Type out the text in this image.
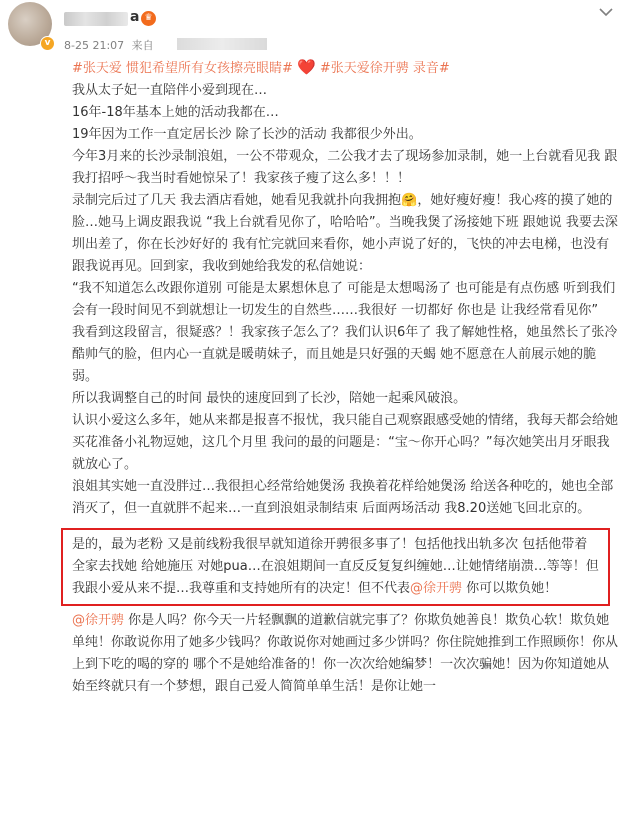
v
a ♛
8-25 21:07 来自

#张天爱 惯犯希望所有女孩擦亮眼睛# ❤️ #张天爱徐开骋 录音#

我从太子妃一直陪伴小爱到现在…

16年-18年基本上她的活动我都在…

19年因为工作一直定居长沙 除了长沙的活动 我都很少外出。

今年3月来的长沙录制浪姐，一公不带观众，二公我才去了现场参加录制，她一上台就看见我 跟我打招呼～我当时看她惊呆了！我家孩子瘦了这么多！！！

录制完后过了几天 我去酒店看她，她看见我就扑向我拥抱🤗，她好瘦好瘦！我心疼的摸了她的脸…她马上调皮跟我说 “我上台就看见你了，哈哈哈”。当晚我煲了汤接她下班 跟她说 我要去深圳出差了，你在长沙好好的 我有忙完就回来看你，她小声说了好的，飞快的冲去电梯，也没有跟我说再见。回到家，我收到她给我发的私信她说：

“我不知道怎么改跟你道别 可能是太累想休息了 可能是太想喝汤了 也可能是有点伤感 听到我们会有一段时间见不到就想让一切发生的自然些……我很好 一切都好 你也是 让我经常看见你”

我看到这段留言，很疑惑？！我家孩子怎么了？我们认识6年了 我了解她性格，她虽然长了张冷酷帅气的脸，但内心一直就是暖萌妹子，而且她是只好强的天蝎 她不愿意在人前展示她的脆弱。

所以我调整自己的时间 最快的速度回到了长沙，陪她一起乘风破浪。

认识小爱这么多年，她从来都是报喜不报忧，我只能自己观察跟感受她的情绪，我每天都会给她买花准备小礼物逗她，这几个月里 我问的最的问题是：“宝～你开心吗？”每次她笑出月牙眼我就放心了。

浪姐其实她一直没胖过…我很担心经常给她煲汤 我换着花样给她煲汤 给送各种吃的，她也全部消灭了，但一直就胖不起来…一直到浪姐录制结束 后面两场活动 我8.20送她飞回北京的。

是的，最为老粉 又是前线粉我很早就知道徐开骋很多事了！包括他找出轨多次 包括他带着全家去找她 给她施压 对她pua…在浪姐期间一直反反复复纠缠她…让她情绪崩溃…等等！但我跟小爱从来不提…我尊重和支持她所有的决定！但不代表@徐开骋 你可以欺负她！

@徐开骋 你是人吗？你今天一片轻飘飘的道歉信就完事了？你欺负她善良！欺负心软！欺负她单纯！你敢说你用了她多少钱吗？你敢说你对她画过多少饼吗？你住院她推到工作照顾你！你从上到下吃的喝的穿的 哪个不是她给准备的！你一次次给她编梦！一次次骗她！因为你知道她从始至终就只有一个梦想，跟自己爱人简简单单生活！是你让她一
